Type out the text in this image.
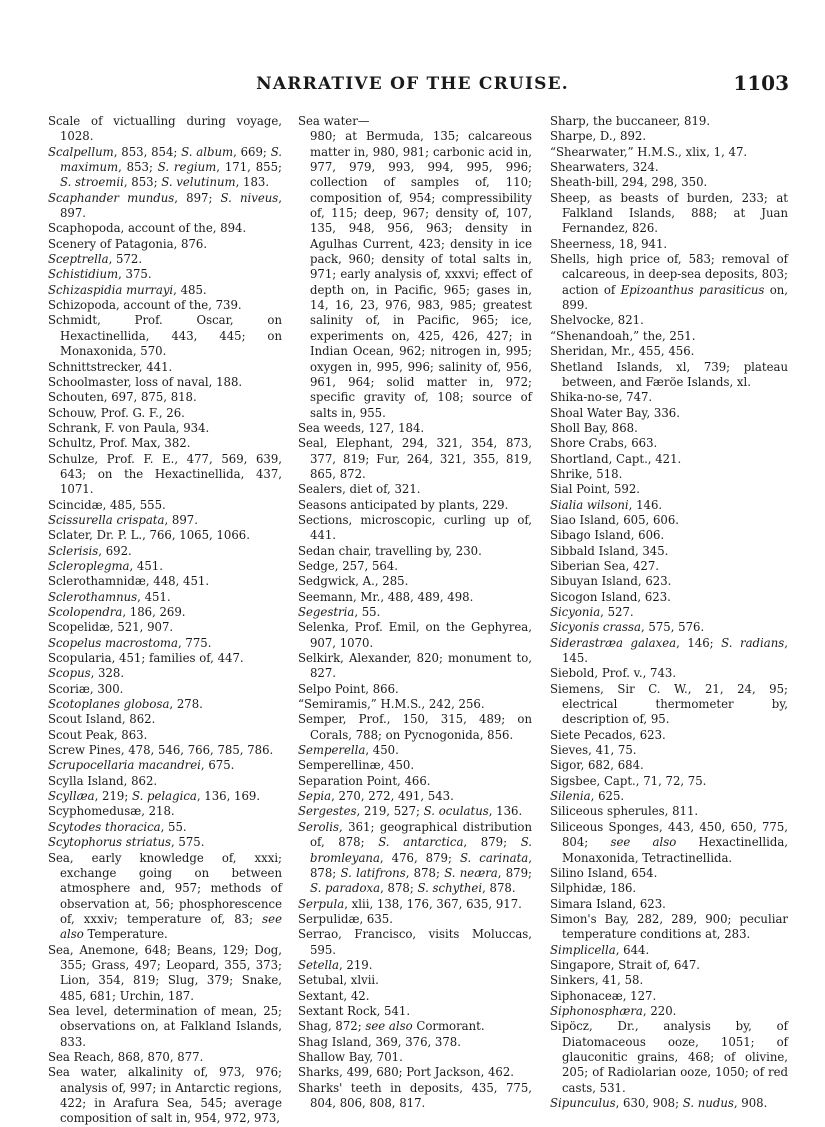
NARRATIVE OF THE CRUISE.	1103

Scale of victualling during voyage, 1028.

Scalpellum, 853, 854; S. album, 669; S. maximum, 853; S. regium, 171, 855; S. stroemii, 853; S. velutinum, 183.

Scaphander mundus, 897; S. niveus, 897.

Scaphopoda, account of the, 894.

Scenery of Patagonia, 876.

Sceptrella, 572.

Schistidium, 375.

Schizaspidia murrayi, 485.

Schizopoda, account of the, 739.

Schmidt, Prof. Oscar, on Hexactinellida, 443, 445; on Monaxonida, 570.

Schnittstrecker, 441.

Schoolmaster, loss of naval, 188.

Schouten, 697, 875, 818.

Schouw, Prof. G. F., 26.

Schrank, F. von Paula, 934.

Schultz, Prof. Max, 382.

Schulze, Prof. F. E., 477, 569, 639, 643; on the Hexactinellida, 437, 1071.

Scincidæ, 485, 555.

Scissurella crispata, 897.

Sclater, Dr. P. L., 766, 1065, 1066.

Sclerisis, 692.

Scleroplegma, 451.

Sclerothamnidæ, 448, 451.

Sclerothamnus, 451.

Scolopendra, 186, 269.

Scopelidæ, 521, 907.

Scopelus macrostoma, 775.

Scopularia, 451; families of, 447.

Scopus, 328.

Scoriæ, 300.

Scotoplanes globosa, 278.

Scout Island, 862.

Scout Peak, 863.

Screw Pines, 478, 546, 766, 785, 786.

Scrupocellaria macandrei, 675.

Scylla Island, 862.

Scyllæa, 219; S. pelagica, 136, 169.

Scyphomedusæ, 218.

Scytodes thoracica, 55.

Scytophorus striatus, 575.

Sea, early knowledge of, xxxi; exchange going on between atmosphere and, 957; methods of observation at, 56; phosphorescence of, xxxiv; temperature of, 83; see also Temperature.

Sea, Anemone, 648; Beans, 129; Dog, 355; Grass, 497; Leopard, 355, 373; Lion, 354, 819; Slug, 379; Snake, 485, 681; Urchin, 187.

Sea level, determination of mean, 25; observations on, at Falkland Islands, 833.

Sea Reach, 868, 870, 877.

Sea water, alkalinity of, 973, 976; analysis of, 997; in Antarctic regions, 422; in Arafura Sea, 545; average composition of salt in, 954, 972, 973,

Sea water—

980; at Bermuda, 135; calcareous matter in, 980, 981; carbonic acid in, 977, 979, 993, 994, 995, 996; collection of samples of, 110; composition of, 954; compressibility of, 115; deep, 967; density of, 107, 135, 948, 956, 963; density in Agulhas Current, 423; density in ice pack, 960; density of total salts in, 971; early analysis of, xxxvi; effect of depth on, in Pacific, 965; gases in, 14, 16, 23, 976, 983, 985; greatest salinity of, in Pacific, 965; ice, experiments on, 425, 426, 427; in Indian Ocean, 962; nitrogen in, 995; oxygen in, 995, 996; salinity of, 956, 961, 964; solid matter in, 972; specific gravity of, 108; source of salts in, 955.

Sea weeds, 127, 184.

Seal, Elephant, 294, 321, 354, 873, 377, 819; Fur, 264, 321, 355, 819, 865, 872.

Sealers, diet of, 321.

Seasons anticipated by plants, 229.

Sections, microscopic, curling up of, 441.

Sedan chair, travelling by, 230.

Sedge, 257, 564.

Sedgwick, A., 285.

Seemann, Mr., 488, 489, 498.

Segestria, 55.

Selenka, Prof. Emil, on the Gephyrea, 907, 1070.

Selkirk, Alexander, 820; monument to, 827.

Selpo Point, 866.

“Semiramis,” H.M.S., 242, 256.

Semper, Prof., 150, 315, 489; on Corals, 788; on Pycnogonida, 856.

Semperella, 450.

Semperellinæ, 450.

Separation Point, 466.

Sepia, 270, 272, 491, 543.

Sergestes, 219, 527; S. oculatus, 136.

Serolis, 361; geographical distribution of, 878; S. antarctica, 879; S. bromleyana, 476, 879; S. carinata, 878; S. latifrons, 878; S. neæra, 879; S. paradoxa, 878; S. schythei, 878.

Serpula, xlii, 138, 176, 367, 635, 917.

Serpulidæ, 635.

Serrao, Francisco, visits Moluccas, 595.

Setella, 219.

Setubal, xlvii.

Sextant, 42.

Sextant Rock, 541.

Shag, 872; see also Cormorant.

Shag Island, 369, 376, 378.

Shallow Bay, 701.

Sharks, 499, 680; Port Jackson, 462.

Sharks' teeth in deposits, 435, 775, 804, 806, 808, 817.

Sharp, the buccaneer, 819.

Sharpe, D., 892.

“Shearwater,” H.M.S., xlix, 1, 47.

Shearwaters, 324.

Sheath-bill, 294, 298, 350.

Sheep, as beasts of burden, 233; at Falkland Islands, 888; at Juan Fernandez, 826.

Sheerness, 18, 941.

Shells, high price of, 583; removal of calcareous, in deep-sea deposits, 803; action of Epizoanthus parasiticus on, 899.

Shelvocke, 821.

“Shenandoah,” the, 251.

Sheridan, Mr., 455, 456.

Shetland Islands, xl, 739; plateau between, and Færöe Islands, xl.

Shika-no-se, 747.

Shoal Water Bay, 336.

Sholl Bay, 868.

Shore Crabs, 663.

Shortland, Capt., 421.

Shrike, 518.

Sial Point, 592.

Sialia wilsoni, 146.

Siao Island, 605, 606.

Sibago Island, 606.

Sibbald Island, 345.

Siberian Sea, 427.

Sibuyan Island, 623.

Sicogon Island, 623.

Sicyonia, 527.

Sicyonis crassa, 575, 576.

Siderastræa galaxea, 146; S. radians, 145.

Siebold, Prof. v., 743.

Siemens, Sir C. W., 21, 24, 95; electrical thermometer by, description of, 95.

Siete Pecados, 623.

Sieves, 41, 75.

Sigor, 682, 684.

Sigsbee, Capt., 71, 72, 75.

Silenia, 625.

Siliceous spherules, 811.

Siliceous Sponges, 443, 450, 650, 775, 804; see also Hexactinellida, Monaxonida, Tetractinellida.

Silino Island, 654.

Silphidæ, 186.

Simara Island, 623.

Simon's Bay, 282, 289, 900; peculiar temperature conditions at, 283.

Simplicella, 644.

Singapore, Strait of, 647.

Sinkers, 41, 58.

Siphonaceæ, 127.

Siphonosphæra, 220.

Sipöcz, Dr., analysis by, of Diatomaceous ooze, 1051; of glauconitic grains, 468; of olivine, 205; of Radiolarian ooze, 1050; of red casts, 531.

Sipunculus, 630, 908; S. nudus, 908.
